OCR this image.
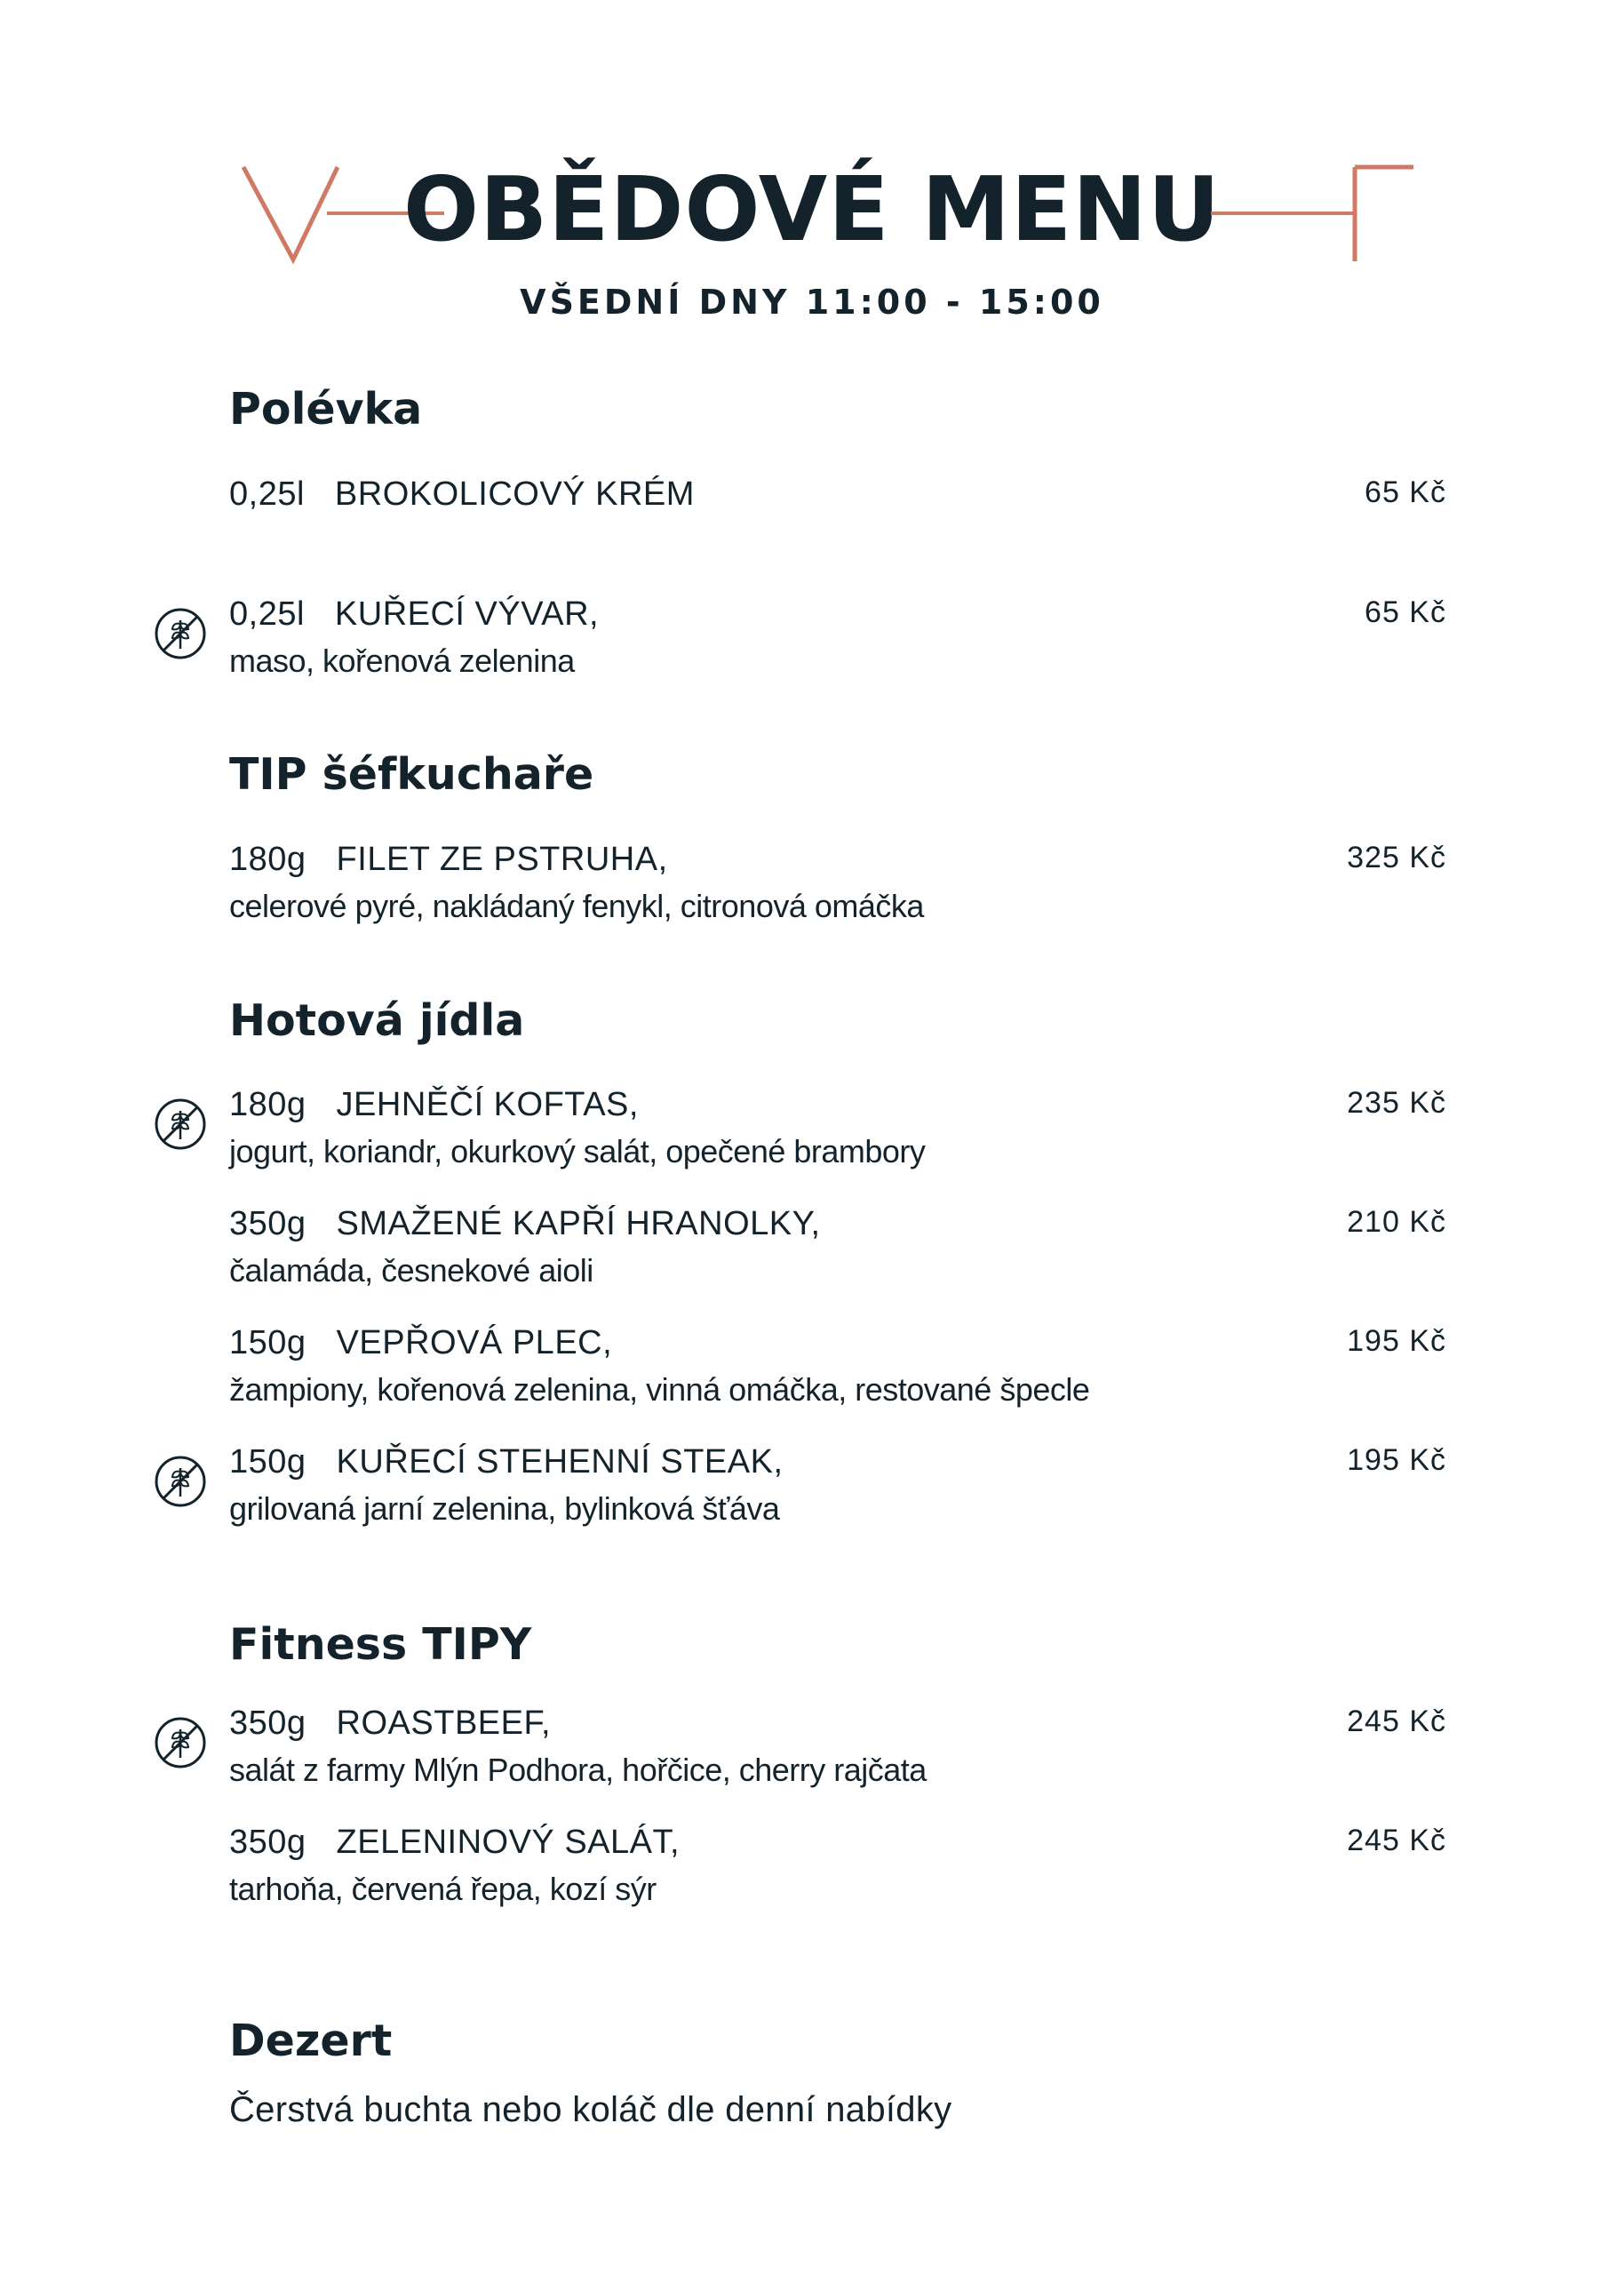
OBĚDOVÉ MENU
VŠEDNÍ DNY 11:00 - 15:00
Polévka
0,25l BROKOLICOVÝ KRÉM	65 Kč
0,25l KUŘECÍ VÝVAR,
maso, kořenová zelenina
65 Kč
TIP šéfkuchaře
180g FILET ZE PSTRUHA,
celerové pyré, nakládaný fenykl, citronová omáčka
325 Kč
Hotová jídla
180g JEHNĚČÍ KOFTAS,
jogurt, koriandr, okurkový salát, opečené brambory
235 Kč
350g SMAŽENÉ KAPŘÍ HRANOLKY,
čalamáda, česnekové aioli
210 Kč
150g VEPŘOVÁ PLEC,
žampiony, kořenová zelenina, vinná omáčka, restované špecle
195 Kč
150g KUŘECÍ STEHENNÍ STEAK,
grilovaná jarní zelenina, bylinková šťáva
195 Kč
Fitness TIPY
350g ROASTBEEF,
salát z farmy Mlýn Podhora, hořčice, cherry rajčata
245 Kč
350g ZELENINOVÝ SALÁT,
tarhoňa, červená řepa, kozí sýr
245 Kč
Dezert
Čerstvá buchta nebo koláč dle denní nabídky
